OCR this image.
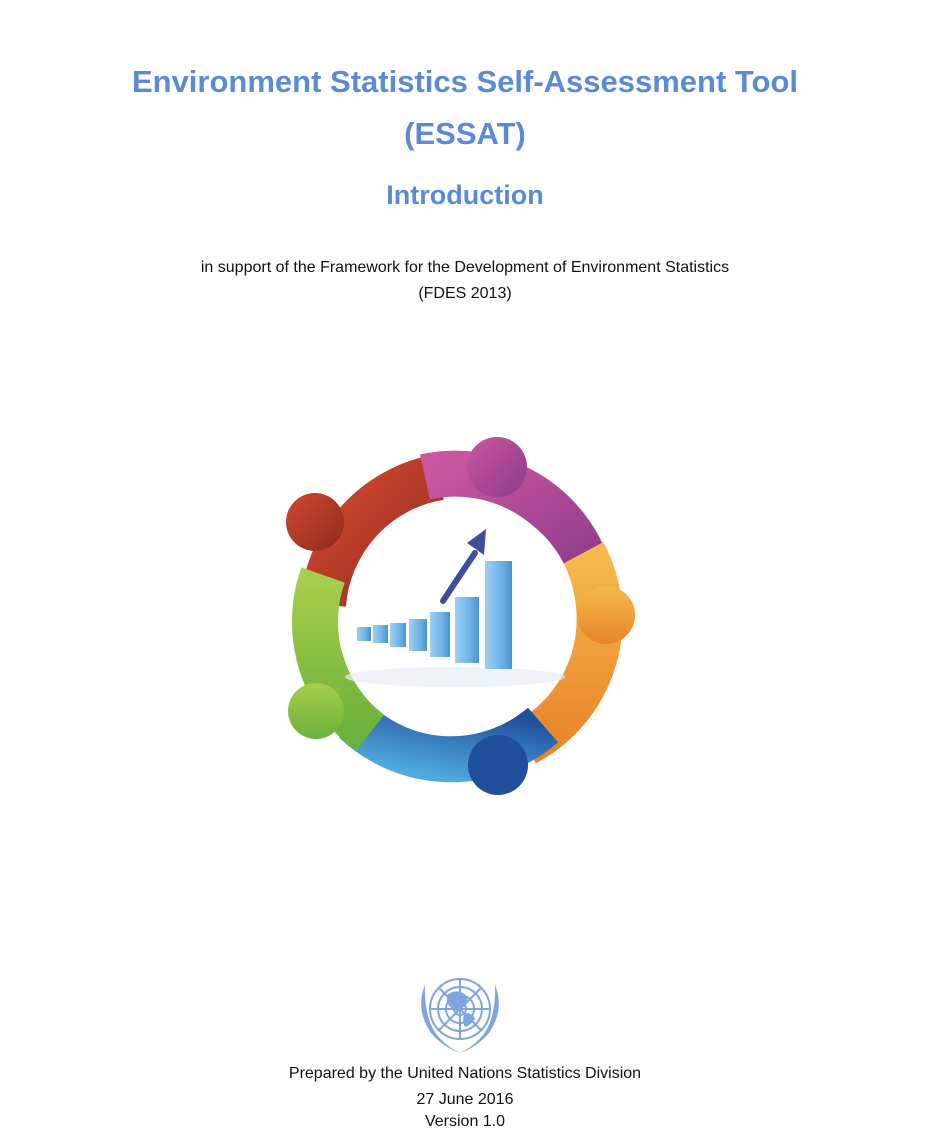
Environment Statistics Self-Assessment Tool
(ESSAT)
Introduction
in support of the Framework for the Development of Environment Statistics
(FDES 2013)
Prepared by the United Nations Statistics Division
27 June 2016
Version 1.0
